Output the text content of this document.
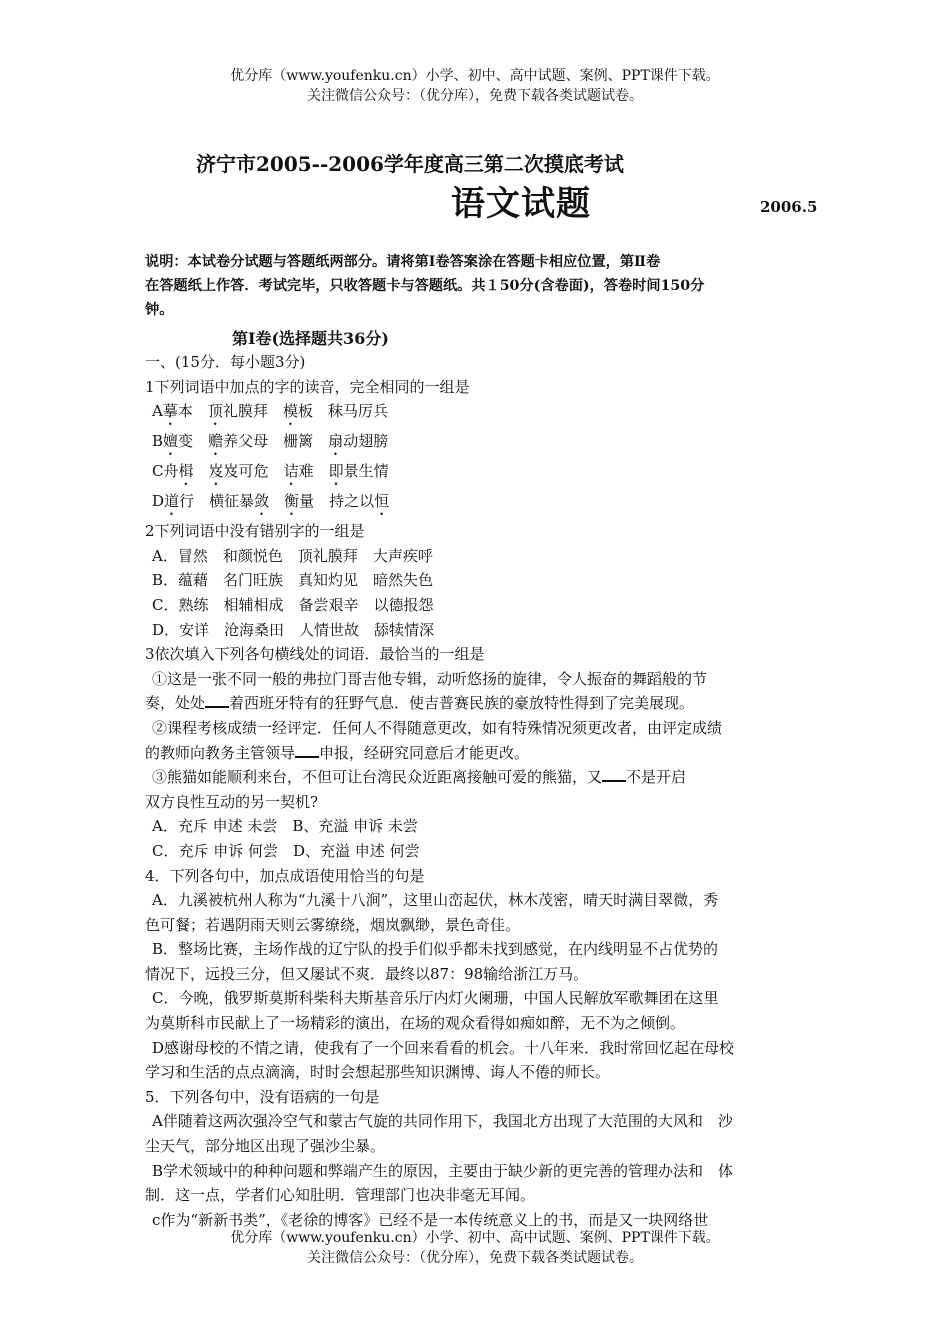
优分库（www.youfenku.cn）小学、初中、高中试题、案例、PPT课件下载。
关注微信公众号：（优分库），免费下载各类试题试卷。
济宁市2005--2006学年度高三第二次摸底考试
语文试题	2006.5
说明：本试卷分试题与答题纸两部分。请将第Ⅰ卷答案涂在答题卡相应位置，第Ⅱ卷
在答题纸上作答．考试完毕，只收答题卡与答题纸。共１50分(含卷面)，答卷时间150分
钟。
第Ⅰ卷(选择题共36分)

一、(15分．每小题3分)

1下列词语中加点的字的读音，完全相同的一组是

A摹本　 顶礼膜拜　 模板　 秣马厉兵

B嬗变　 赡养父母　 栅篱　 扇动翅膀

C舟楫　 岌岌可危　 诘难　 即景生情

D道行　 横征暴敛　 衡量　 持之以恒

2下列词语中没有错别字的一组是

A．冒然　和颜悦色　顶礼膜拜　大声疾呼

B．蕴藉　名门旺族　真知灼见　暗然失色

C．熟练　相辅相成　备尝艰辛　以德报怨

D．安详　沧海桑田　人情世故　舔犊情深

3依次填入下列各句横线处的词语．最恰当的一组是

①这是一张不同一般的弗拉门哥吉他专辑，动听悠扬的旋律，令人振奋的舞蹈般的节

奏，处处 着西班牙特有的狂野气息．使吉普赛民族的豪放特性得到了完美展现。

②课程考核成绩一经评定．任何人不得随意更改，如有特殊情况须更改者，由评定成绩

的教师向教务主管领导 申报，经研究同意后才能更改。

③熊猫如能顺利来台，不但可让台湾民众近距离接触可爱的熊猫，又 不是开启

双方良性互动的另一契机?

A．充斥 申述 未尝　B、充溢 申诉 未尝

C．充斥 申诉 何尝　D、充溢 申述 何尝

4．下列各句中，加点成语使用恰当的句是

A．九溪被杭州人称为“九溪十八涧”，这里山峦起伏，林木茂密，晴天时满目翠微，秀

色可餐；若遇阴雨天则云雾缭绕，烟岚飘缈，景色奇佳。

B．整场比赛，主场作战的辽宁队的投手们似乎都未找到感觉，在内线明显不占优势的

情况下，远投三分，但又屡试不爽．最终以87：98输给浙江万马。

C．今晚，俄罗斯莫斯科柴科夫斯基音乐厅内灯火阑珊，中国人民解放军歌舞团在这里

为莫斯科市民献上了一场精彩的演出，在场的观众看得如痴如醉，无不为之倾倒。

D感谢母校的不情之请，使我有了一个回来看看的机会。十八年来．我时常回忆起在母校

学习和生活的点点滴滴，时时会想起那些知识渊博、诲人不倦的师长。

5．下列各句中，没有语病的一句是

A伴随着这两次强冷空气和蒙古气旋的共同作用下，我国北方出现了大范围的大风和　沙

尘天气，部分地区出现了强沙尘暴。

B学术领域中的种种问题和弊端产生的原因，主要由于缺少新的更完善的管理办法和　体

制．这一点，学者们心知肚明．管理部门也决非毫无耳闻。

c作为“新新书类”，《老徐的博客》已经不是一本传统意义上的书，而是又一块网络世

优分库（www.youfenku.cn）小学、初中、高中试题、案例、PPT课件下载。
关注微信公众号：（优分库），免费下载各类试题试卷。
